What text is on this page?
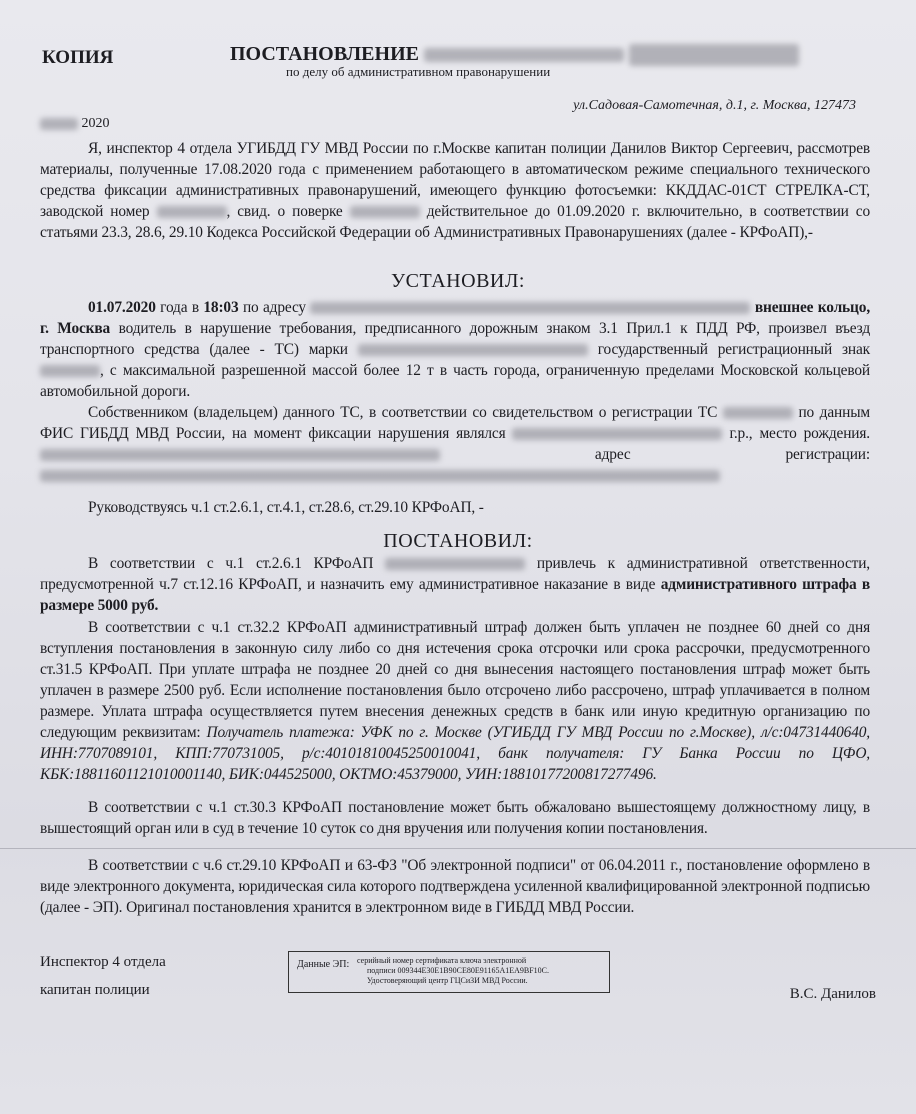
КОПИЯ	ПОСТАНОВЛЕНИЕ
по делу об административном правонарушении
ул.Садовая-Самотечная, д.1, г. Москва, 127473
2020
Я, инспектор 4 отдела УГИБДД ГУ МВД России по г.Москве капитан полиции Данилов Виктор Сергеевич, рассмотрев материалы, полученные 17.08.2020 года с применением работающего в автоматическом режиме специального технического средства фиксации административных правонарушений, имеющего функцию фотосъемки: ККДДАС-01СТ СТРЕЛКА-СТ, заводской номер	, свид. о поверке	действительное до 01.09.2020 г. включительно, в соответствии со статьями 23.3, 28.6, 29.10 Кодекса Российской Федерации об Административных Правонарушениях (далее - КРФоАП),-
УСТАНОВИЛ:
01.07.2020 года в 18:03 по адресу	внешнее кольцо, г. Москва водитель в нарушение требования, предписанного дорожным знаком 3.1 Прил.1 к ПДД РФ, произвел въезд транспортного средства (далее - ТС) марки	государственный регистрационный знак , с максимальной разрешенной массой более 12 т в часть города, ограниченную пределами Московской кольцевой автомобильной дороги.
Собственником (владельцем) данного ТС, в соответствии со свидетельством о регистрации ТС	по данным ФИС ГИБДД МВД России, на момент фиксации нарушения являлся	г.р., место рождения.  адрес регистрации:
Руководствуясь ч.1 ст.2.6.1, ст.4.1, ст.28.6, ст.29.10 КРФоАП, -
ПОСТАНОВИЛ:
В соответствии с ч.1 ст.2.6.1 КРФоАП	привлечь к административной ответственности, предусмотренной ч.7 ст.12.16 КРФоАП, и назначить ему административное наказание в виде административного штрафа в размере 5000 руб.
В соответствии с ч.1 ст.32.2 КРФоАП административный штраф должен быть уплачен не позднее 60 дней со дня вступления постановления в законную силу либо со дня истечения срока отсрочки или срока рассрочки, предусмотренного ст.31.5 КРФоАП. При уплате штрафа не позднее 20 дней со дня вынесения настоящего постановления штраф может быть уплачен в размере 2500 руб. Если исполнение постановления было отсрочено либо рассрочено, штраф уплачивается в полном размере. Уплата штрафа осуществляется путем внесения денежных средств в банк или иную кредитную организацию по следующим реквизитам: Получатель платежа: УФК по г. Москве (УГИБДД ГУ МВД России по г.Москве), л/с:04731440640, ИНН:7707089101, КПП:770731005, р/с:40101810045250010041, банк получателя: ГУ Банка России по ЦФО, КБК:18811601121010001140, БИК:044525000, ОКТМО:45379000, УИН:18810177200817277496.
В соответствии с ч.1 ст.30.3 КРФоАП постановление может быть обжаловано вышестоящему должностному лицу, в вышестоящий орган или в суд в течение 10 суток со дня вручения или получения копии постановления.
В соответствии с ч.6 ст.29.10 КРФоАП и 63-ФЗ "Об электронной подписи" от 06.04.2011 г., постановление оформлено в виде электронного документа, юридическая сила которого подтверждена усиленной квалифицированной электронной подписью (далее - ЭП). Оригинал постановления хранится в электронном виде в ГИБДД МВД России.
Инспектор 4 отдела
капитан полиции
Данные ЭП: серийный номер сертификата ключа электронной
подписи 009344E30E1B90CE80E91165A1EA9BF10C.
Удостоверяющий центр ГЦСиЗИ МВД России.
В.С. Данилов
